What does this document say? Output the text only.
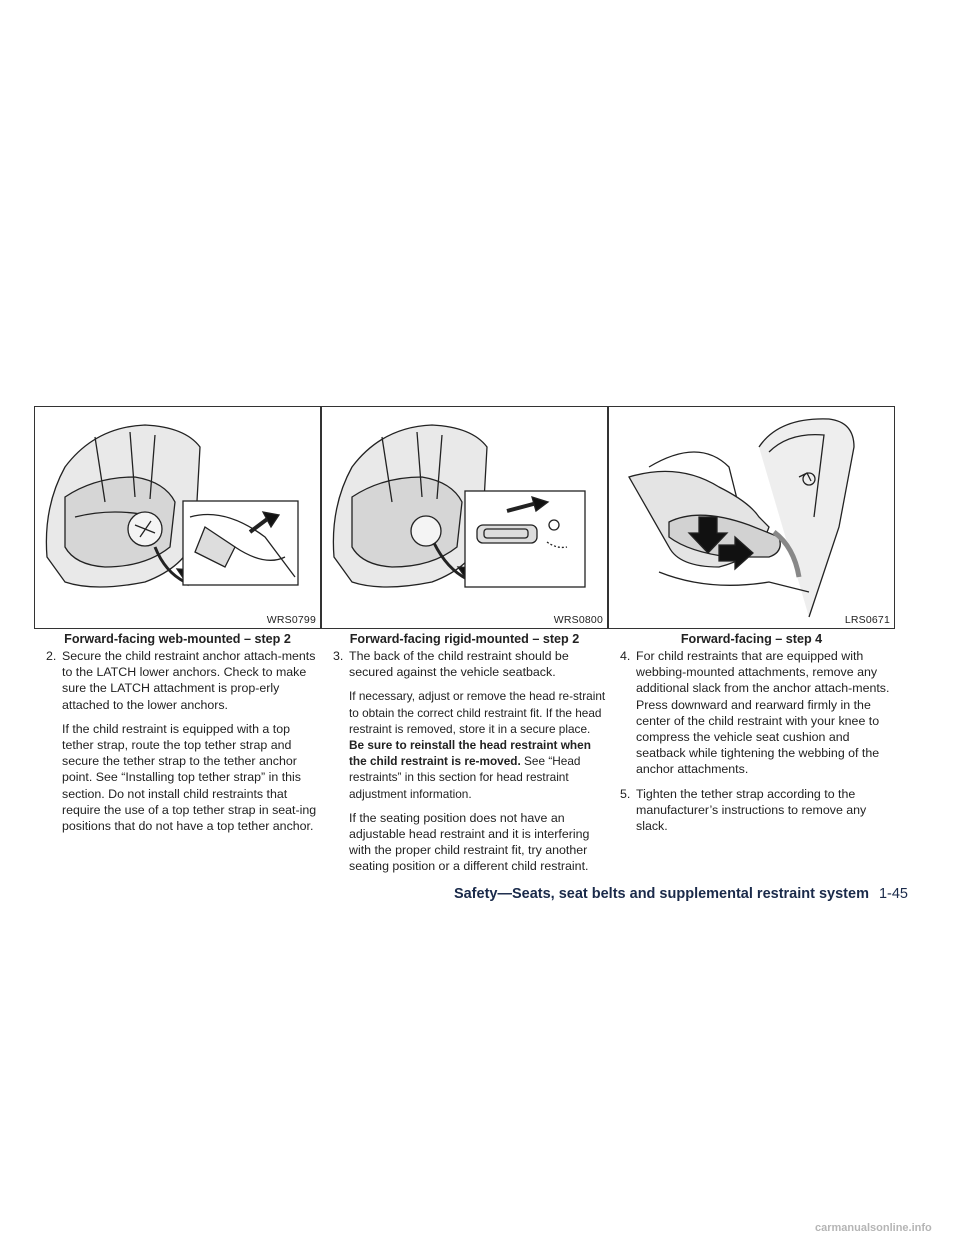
WRS0799
Forward-facing web-mounted – step 2
2. Secure the child restraint anchor attach-ments to the LATCH lower anchors. Check to make sure the LATCH attachment is prop-erly attached to the lower anchors.

If the child restraint is equipped with a top tether strap, route the top tether strap and secure the tether strap to the tether anchor point. See “Installing top tether strap” in this section. Do not install child restraints that require the use of a top tether strap in seat-ing positions that do not have a top tether anchor.

WRS0800
Forward-facing rigid-mounted – step 2
3. The back of the child restraint should be secured against the vehicle seatback.

If necessary, adjust or remove the head re-straint to obtain the correct child restraint fit. If the head restraint is removed, store it in a secure place. Be sure to reinstall the head restraint when the child restraint is re-moved. See “Head restraints” in this section for head restraint adjustment information.

If the seating position does not have an adjustable head restraint and it is interfering with the proper child restraint fit, try another seating position or a different child restraint.

LRS0671
Forward-facing – step 4
4. For child restraints that are equipped with webbing-mounted attachments, remove any additional slack from the anchor attach-ments. Press downward and rearward firmly in the center of the child restraint with your knee to compress the vehicle seat cushion and seatback while tightening the webbing of the anchor attachments.
5. Tighten the tether strap according to the manufacturer’s instructions to remove any slack.
Safety—Seats, seat belts and supplemental restraint system 1-45
carmanualsonline.info
